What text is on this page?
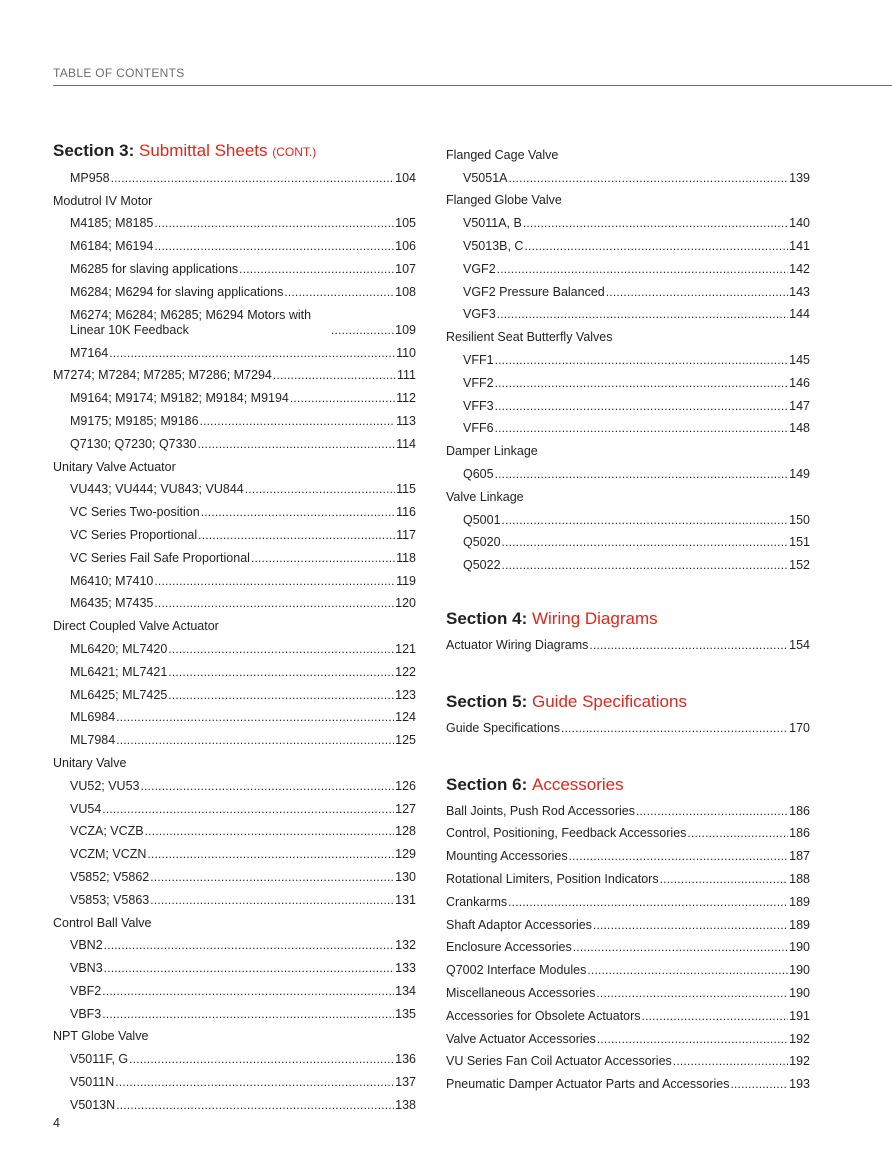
TABLE OF CONTENTS
Section 3: Submittal Sheets (CONT.)
MP958 .....	104
Modutrol IV Motor
M4185; M8185 .....	105
M6184; M6194 .....	106
M6285 for slaving applications .....	107
M6284; M6294 for slaving applications .....	108
M6274; M6284; M6285; M6294 Motors with Linear 10K Feedback .....	109
M7164 .....	110
M7274; M7284; M7285; M7286; M7294 .....	111
M9164; M9174; M9182; M9184; M9194 .....	112
M9175; M9185; M9186 .....	113
Q7130; Q7230; Q7330 .....	114
Unitary Valve Actuator
VU443; VU444; VU843; VU844 .....	115
VC Series Two-position .....	116
VC Series Proportional .....	117
VC Series Fail Safe Proportional .....	118
M6410; M7410 .....	119
M6435; M7435 .....	120
Direct Coupled Valve Actuator
ML6420; ML7420 .....	121
ML6421; ML7421 .....	122
ML6425; ML7425 .....	123
ML6984 .....	124
ML7984 .....	125
Unitary Valve
VU52; VU53 .....	126
VU54 .....	127
VCZA; VCZB .....	128
VCZM; VCZN .....	129
V5852; V5862 .....	130
V5853; V5863 .....	131
Control Ball Valve
VBN2 .....	132
VBN3 .....	133
VBF2 .....	134
VBF3 .....	135
NPT Globe Valve
V5011F, G .....	136
V5011N .....	137
V5013N .....	138
Flanged Cage Valve
V5051A .....	139
Flanged Globe Valve
V5011A, B .....	140
V5013B, C .....	141
VGF2 .....	142
VGF2 Pressure Balanced .....	143
VGF3 .....	144
Resilient Seat Butterfly Valves
VFF1 .....	145
VFF2 .....	146
VFF3 .....	147
VFF6 .....	148
Damper Linkage
Q605 .....	149
Valve Linkage
Q5001 .....	150
Q5020 .....	151
Q5022 .....	152
Section 4: Wiring Diagrams
Actuator Wiring Diagrams .....	154
Section 5: Guide Specifications
Guide Specifications .....	170
Section 6: Accessories
Ball Joints, Push Rod Accessories .....	186
Control, Positioning, Feedback Accessories .....	186
Mounting Accessories .....	187
Rotational Limiters, Position Indicators .....	188
Crankarms .....	189
Shaft Adaptor Accessories .....	189
Enclosure Accessories .....	190
Q7002 Interface Modules .....	190
Miscellaneous Accessories .....	190
Accessories for Obsolete Actuators .....	191
Valve Actuator Accessories .....	192
VU Series Fan Coil Actuator Accessories .....	192
Pneumatic Damper Actuator Parts and Accessories .....	193
4
